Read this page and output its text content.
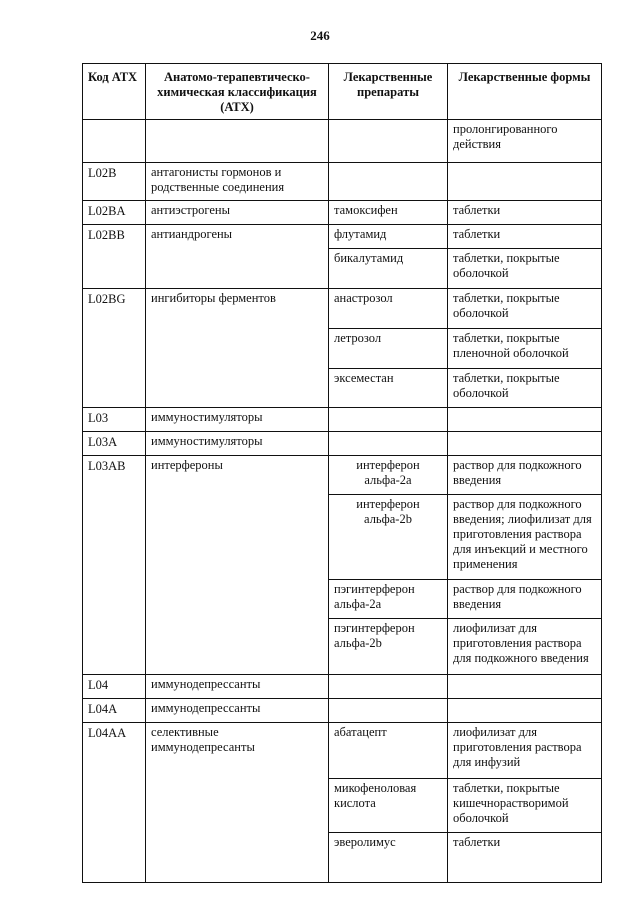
246
Код АТХ	Анатомо-терапевтическо-химическая классификация (АТХ)	Лекарственные препараты	Лекарственные формы
			пролонгированного действия
L02B	антагонисты гормонов и родственные соединения		
L02BA	антиэстрогены	тамоксифен	таблетки
L02BB	антиандрогены	флутамид	таблетки
		бикалутамид	таблетки, покрытые оболочкой
L02BG	ингибиторы ферментов	анастрозол	таблетки, покрытые оболочкой
		летрозол	таблетки, покрытые пленочной оболочкой
		эксеместан	таблетки, покрытые оболочкой
L03	иммуностимуляторы		
L03A	иммуностимуляторы		
L03AB	интерфероны	интерферон альфа-2а	раствор для подкожного введения
		интерферон альфа-2b	раствор для подкожного введения; лиофилизат для приготовления раствора для инъекций и местного применения
		пэгинтерферон альфа-2а	раствор для подкожного введения
		пэгинтерферон альфа-2b	лиофилизат для приготовления раствора для подкожного введения
L04	иммунодепрессанты		
L04A	иммунодепрессанты		
L04AA	селективные иммунодепресанты	абатацепт	лиофилизат для приготовления раствора для инфузий
		микофеноловая кислота	таблетки, покрытые кишечнорастворимой оболочкой
		эверолимус	таблетки
